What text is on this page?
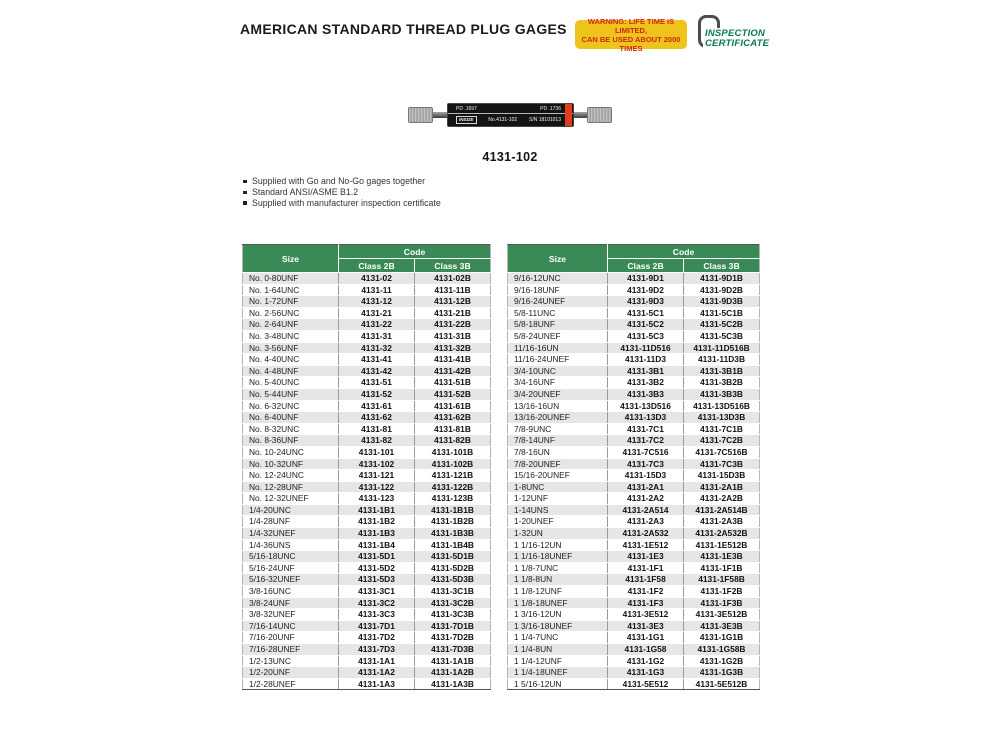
AMERICAN STANDARD THREAD PLUG GAGES	WARNING: LIFE TIME IS LIMITED,
CAN BE USED ABOUT 2000 TIMES
INSPECTION
CERTIFICATE
PD .1697	PD .1736
INSIZE	No.4131-102 S/N 18101013
4131-102
Supplied with Go and No-Go gages together
Standard ANSI/ASME B1.2
Supplied with manufacturer inspection certificate
Size	Code	
	Class 2B	Class 3B
No. 0-80UNF	4131-02	4131-02B
No. 1-64UNC	4131-11	4131-11B
No. 1-72UNF	4131-12	4131-12B
No. 2-56UNC	4131-21	4131-21B
No. 2-64UNF	4131-22	4131-22B
No. 3-48UNC	4131-31	4131-31B
No. 3-56UNF	4131-32	4131-32B
No. 4-40UNC	4131-41	4131-41B
No. 4-48UNF	4131-42	4131-42B
No. 5-40UNC	4131-51	4131-51B
No. 5-44UNF	4131-52	4131-52B
No. 6-32UNC	4131-61	4131-61B
No. 6-40UNF	4131-62	4131-62B
No. 8-32UNC	4131-81	4131-81B
No. 8-36UNF	4131-82	4131-82B
No. 10-24UNC	4131-101	4131-101B
No. 10-32UNF	4131-102	4131-102B
No. 12-24UNC	4131-121	4131-121B
No. 12-28UNF	4131-122	4131-122B
No. 12-32UNEF	4131-123	4131-123B
1/4-20UNC	4131-1B1	4131-1B1B
1/4-28UNF	4131-1B2	4131-1B2B
1/4-32UNEF	4131-1B3	4131-1B3B
1/4-36UNS	4131-1B4	4131-1B4B
5/16-18UNC	4131-5D1	4131-5D1B
5/16-24UNF	4131-5D2	4131-5D2B
5/16-32UNEF	4131-5D3	4131-5D3B
3/8-16UNC	4131-3C1	4131-3C1B
3/8-24UNF	4131-3C2	4131-3C2B
3/8-32UNEF	4131-3C3	4131-3C3B
7/16-14UNC	4131-7D1	4131-7D1B
7/16-20UNF	4131-7D2	4131-7D2B
7/16-28UNEF	4131-7D3	4131-7D3B
1/2-13UNC	4131-1A1	4131-1A1B
1/2-20UNF	4131-1A2	4131-1A2B
1/2-28UNEF	4131-1A3	4131-1A3B
Size	Code	
	Class 2B	Class 3B
9/16-12UNC	4131-9D1	4131-9D1B
9/16-18UNF	4131-9D2	4131-9D2B
9/16-24UNEF	4131-9D3	4131-9D3B
5/8-11UNC	4131-5C1	4131-5C1B
5/8-18UNF	4131-5C2	4131-5C2B
5/8-24UNEF	4131-5C3	4131-5C3B
11/16-16UN	4131-11D516	4131-11D516B
11/16-24UNEF	4131-11D3	4131-11D3B
3/4-10UNC	4131-3B1	4131-3B1B
3/4-16UNF	4131-3B2	4131-3B2B
3/4-20UNEF	4131-3B3	4131-3B3B
13/16-16UN	4131-13D516	4131-13D516B
13/16-20UNEF	4131-13D3	4131-13D3B
7/8-9UNC	4131-7C1	4131-7C1B
7/8-14UNF	4131-7C2	4131-7C2B
7/8-16UN	4131-7C516	4131-7C516B
7/8-20UNEF	4131-7C3	4131-7C3B
15/16-20UNEF	4131-15D3	4131-15D3B
1-8UNC	4131-2A1	4131-2A1B
1-12UNF	4131-2A2	4131-2A2B
1-14UNS	4131-2A514	4131-2A514B
1-20UNEF	4131-2A3	4131-2A3B
1-32UN	4131-2A532	4131-2A532B
1 1/16-12UN	4131-1E512	4131-1E512B
1 1/16-18UNEF	4131-1E3	4131-1E3B
1 1/8-7UNC	4131-1F1	4131-1F1B
1 1/8-8UN	4131-1F58	4131-1F58B
1 1/8-12UNF	4131-1F2	4131-1F2B
1 1/8-18UNEF	4131-1F3	4131-1F3B
1 3/16-12UN	4131-3E512	4131-3E512B
1 3/16-18UNEF	4131-3E3	4131-3E3B
1 1/4-7UNC	4131-1G1	4131-1G1B
1 1/4-8UN	4131-1G58	4131-1G58B
1 1/4-12UNF	4131-1G2	4131-1G2B
1 1/4-18UNEF	4131-1G3	4131-1G3B
1 5/16-12UN	4131-5E512	4131-5E512B
